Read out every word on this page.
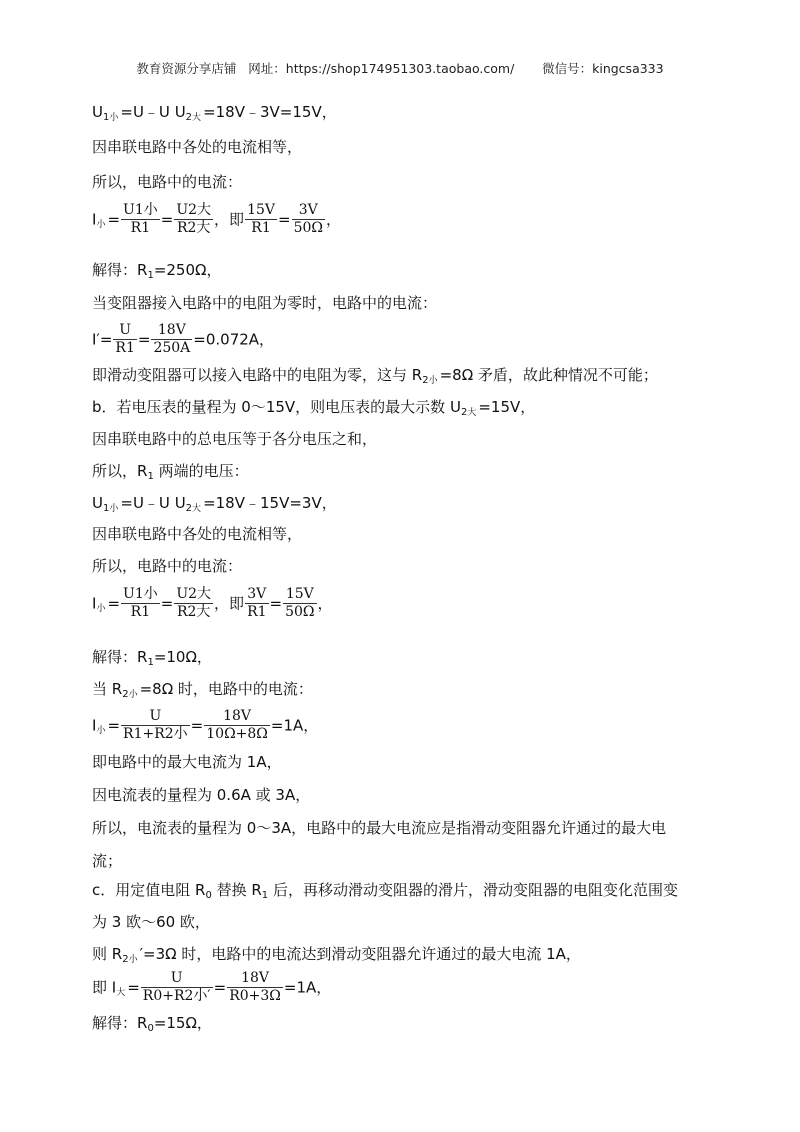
教育资源分享店铺   网址：https://shop174951303.taobao.com/       微信号：kingcsa333
$U_{1小}$ =U﹣U $U_{2大}$ =18V﹣3V=15V，
因串联电路中各处的电流相等，
所以，电路中的电流：
$I_小 = \frac{\text{U1小}}{R1} = \frac{\text{U2大}}{\text{R2大}}$ ，即 $\frac{15V}{R1} = \frac{3V}{50\Omega}$ ，
解得：$R_1=250\Omega$，
当变阻器接入电路中的电阻为零时，电路中的电流：
$I'= \frac{U}{R1} = \frac{18V}{250A} =0.072A$，
即滑动变阻器可以接入电路中的电阻为零，这与 $R_{2小} =8\Omega$ 矛盾，故此种情况不可能；
b．若电压表的量程为 0～15V，则电压表的最大示数 $U_{2大} =15V$，
因串联电路中的总电压等于各分电压之和，
所以，$R_1$ 两端的电压：
$U_{1小}$ =U﹣U $U_{2大}$ =18V﹣15V=3V，
因串联电路中各处的电流相等，
所以，电路中的电流：
$I_小 = \frac{\text{U1小}}{R1} = \frac{\text{U2大}}{\text{R2大}}$ ，即 $\frac{3V}{R1} = \frac{15V}{50\Omega}$ ，
解得：$R_1=10\Omega$，
当 $R_{2小} =8\Omega$ 时，电路中的电流：
$I_小 = \frac{U}{\text{R1+R2小}} = \frac{18V}{10\Omega+8\Omega} =1A$，
即电路中的最大电流为 1A，
因电流表的量程为 0.6A 或 3A，
所以，电流表的量程为 0～3A，电路中的最大电流应是指滑动变阻器允许通过的最大电
流；
c．用定值电阻 $R_0$ 替换 $R_1$ 后，再移动滑动变阻器的滑片，滑动变阻器的电阻变化范围变
为 3 欧～60 欧，
则 $R_{2小}$ ′=3Ω 时，电路中的电流达到滑动变阻器允许通过的最大电流 1A，
即 $I_大 = \frac{U}{\text{R0+R2小′}} = \frac{18V}{R0+3\Omega} =1A$，
解得：$R_0=15\Omega$，
